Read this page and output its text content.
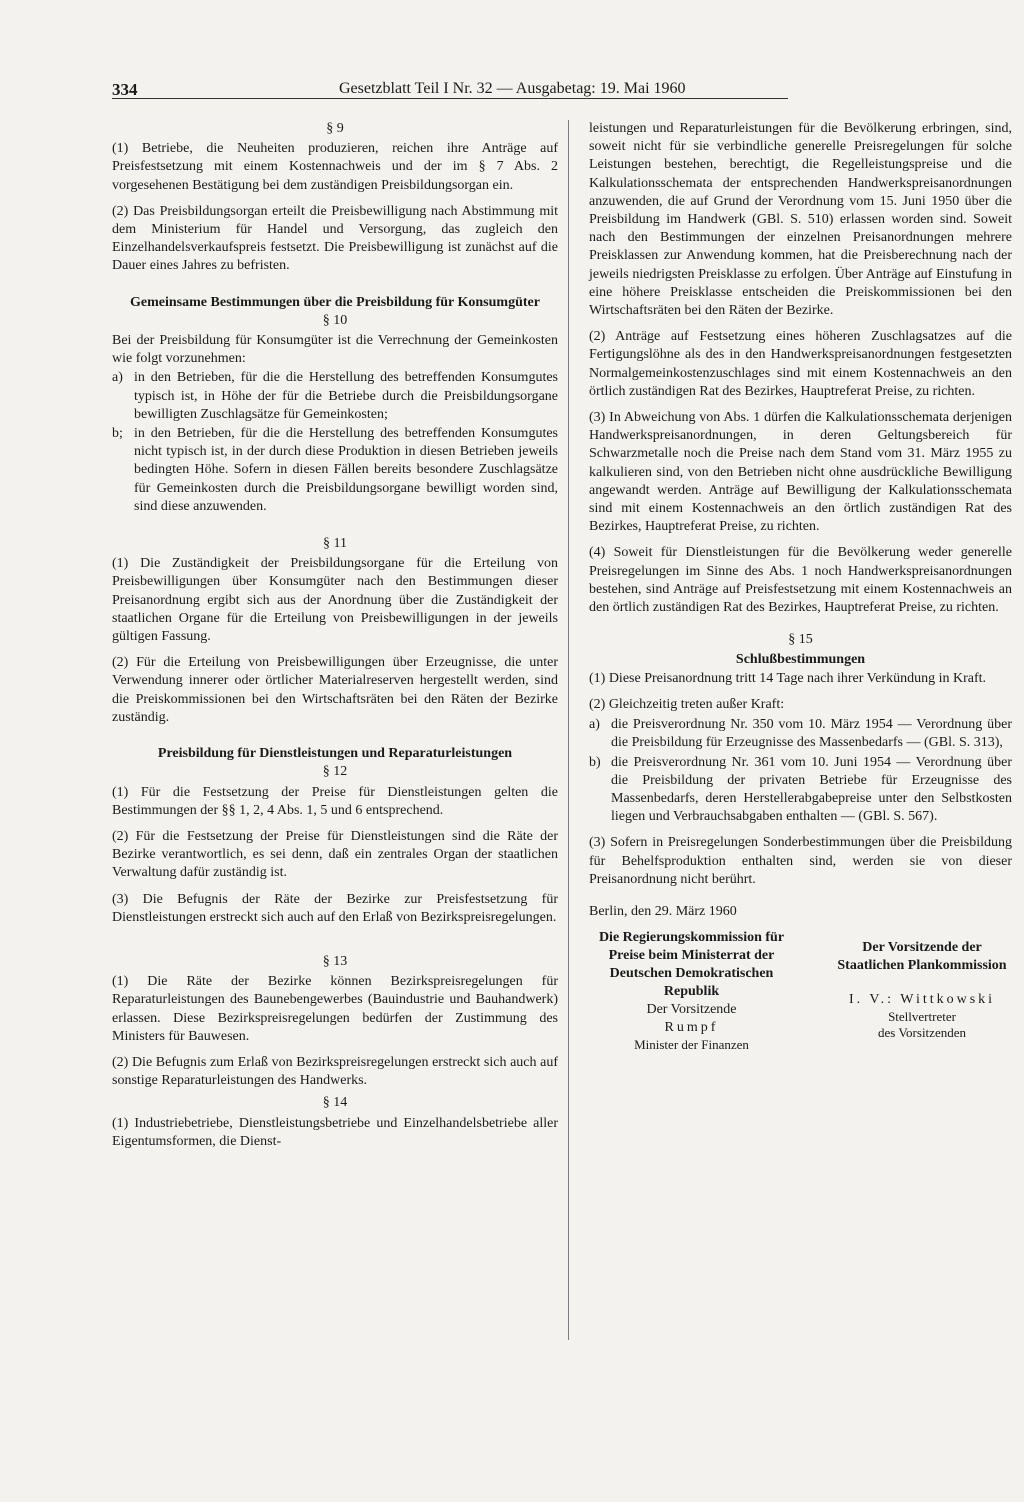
334	Gesetzblatt Teil I Nr. 32 — Ausgabetag: 19. Mai 1960
§ 9

(1) Betriebe, die Neuheiten produzieren, reichen ihre Anträge auf Preisfestsetzung mit einem Kostennachweis und der im § 7 Abs. 2 vorgesehenen Bestätigung bei dem zuständigen Preisbildungsorgan ein.

(2) Das Preisbildungsorgan erteilt die Preisbewilligung nach Abstimmung mit dem Ministerium für Handel und Versorgung, das zugleich den Einzelhandelsverkaufspreis festsetzt. Die Preisbewilligung ist zunächst auf die Dauer eines Jahres zu befristen.

Gemeinsame Bestimmungen über die Preisbildung für Konsumgüter
§ 10

Bei der Preisbildung für Konsumgüter ist die Verrechnung der Gemeinkosten wie folgt vorzunehmen:

a) in den Betrieben, für die die Herstellung des betreffenden Konsumgutes typisch ist, in Höhe der für die Betriebe durch die Preisbildungsorgane bewilligten Zuschlagsätze für Gemeinkosten;
b; in den Betrieben, für die die Herstellung des betreffenden Konsumgutes nicht typisch ist, in der durch diese Produktion in diesen Betrieben jeweils bedingten Höhe. Sofern in diesen Fällen bereits besondere Zuschlagsätze für Gemeinkosten durch die Preisbildungsorgane bewilligt worden sind, sind diese anzuwenden.
§ 11

(1) Die Zuständigkeit der Preisbildungsorgane für die Erteilung von Preisbewilligungen über Konsumgüter nach den Bestimmungen dieser Preisanordnung ergibt sich aus der Anordnung über die Zuständigkeit der staatlichen Organe für die Erteilung von Preisbewilligungen in der jeweils gültigen Fassung.

(2) Für die Erteilung von Preisbewilligungen über Erzeugnisse, die unter Verwendung innerer oder örtlicher Materialreserven hergestellt werden, sind die Preiskommissionen bei den Wirtschaftsräten bei den Räten der Bezirke zuständig.

Preisbildung für Dienstleistungen und Reparaturleistungen
§ 12

(1) Für die Festsetzung der Preise für Dienstleistungen gelten die Bestimmungen der §§ 1, 2, 4 Abs. 1, 5 und 6 entsprechend.

(2) Für die Festsetzung der Preise für Dienstleistungen sind die Räte der Bezirke verantwortlich, es sei denn, daß ein zentrales Organ der staatlichen Verwaltung dafür zuständig ist.

(3) Die Befugnis der Räte der Bezirke zur Preisfestsetzung für Dienstleistungen erstreckt sich auch auf den Erlaß von Bezirkspreisregelungen.

§ 13

(1) Die Räte der Bezirke können Bezirkspreisregelungen für Reparaturleistungen des Baunebengewerbes (Bauindustrie und Bauhandwerk) erlassen. Diese Bezirkspreisregelungen bedürfen der Zustimmung des Ministers für Bauwesen.

(2) Die Befugnis zum Erlaß von Bezirkspreisregelungen erstreckt sich auch auf sonstige Reparaturleistungen des Handwerks.

§ 14

(1) Industriebetriebe, Dienstleistungsbetriebe und Einzelhandelsbetriebe aller Eigentumsformen, die Dienst-

leistungen und Reparaturleistungen für die Bevölkerung erbringen, sind, soweit nicht für sie verbindliche generelle Preisregelungen für solche Leistungen bestehen, berechtigt, die Regelleistungspreise und die Kalkulationsschemata der entsprechenden Handwerkspreisanordnungen anzuwenden, die auf Grund der Verordnung vom 15. Juni 1950 über die Preisbildung im Handwerk (GBl. S. 510) erlassen worden sind. Soweit nach den Bestimmungen der einzelnen Preisanordnungen mehrere Preisklassen zur Anwendung kommen, hat die Preisberechnung nach der jeweils niedrigsten Preisklasse zu erfolgen. Über Anträge auf Einstufung in eine höhere Preisklasse entscheiden die Preiskommissionen bei den Wirtschaftsräten bei den Räten der Bezirke.

(2) Anträge auf Festsetzung eines höheren Zuschlagsatzes auf die Fertigungslöhne als des in den Handwerkspreisanordnungen festgesetzten Normalgemeinkostenzuschlages sind mit einem Kostennachweis an den örtlich zuständigen Rat des Bezirkes, Hauptreferat Preise, zu richten.

(3) In Abweichung von Abs. 1 dürfen die Kalkulationsschemata derjenigen Handwerkspreisanordnungen, in deren Geltungsbereich für Schwarzmetalle noch die Preise nach dem Stand vom 31. März 1955 zu kalkulieren sind, von den Betrieben nicht ohne ausdrückliche Bewilligung angewandt werden. Anträge auf Bewilligung der Kalkulationsschemata sind mit einem Kostennachweis an den örtlich zuständigen Rat des Bezirkes, Hauptreferat Preise, zu richten.

(4) Soweit für Dienstleistungen für die Bevölkerung weder generelle Preisregelungen im Sinne des Abs. 1 noch Handwerkspreisanordnungen bestehen, sind Anträge auf Preisfestsetzung mit einem Kostennachweis an den örtlich zuständigen Rat des Bezirkes, Hauptreferat Preise, zu richten.

§ 15
Schlußbestimmungen

(1) Diese Preisanordnung tritt 14 Tage nach ihrer Verkündung in Kraft.

(2) Gleichzeitig treten außer Kraft:

a) die Preisverordnung Nr. 350 vom 10. März 1954 — Verordnung über die Preisbildung für Erzeugnisse des Massenbedarfs — (GBl. S. 313),
b) die Preisverordnung Nr. 361 vom 10. Juni 1954 — Verordnung über die Preisbildung der privaten Betriebe für Erzeugnisse des Massenbedarfs, deren Herstellerabgabepreise unter den Selbstkosten liegen und Verbrauchsabgaben enthalten — (GBl. S. 567).

(3) Sofern in Preisregelungen Sonderbestimmungen über die Preisbildung für Behelfsproduktion enthalten sind, werden sie von dieser Preisanordnung nicht berührt.

Berlin, den 29. März 1960
Die Regierungskommission für Preise beim Ministerrat der Deutschen Demokratischen Republik
Der Vorsitzende
Rumpf
Minister der Finanzen
Der Vorsitzende der Staatlichen Plankommission
I. V.: Wittkowski
Stellvertreter
des Vorsitzenden
